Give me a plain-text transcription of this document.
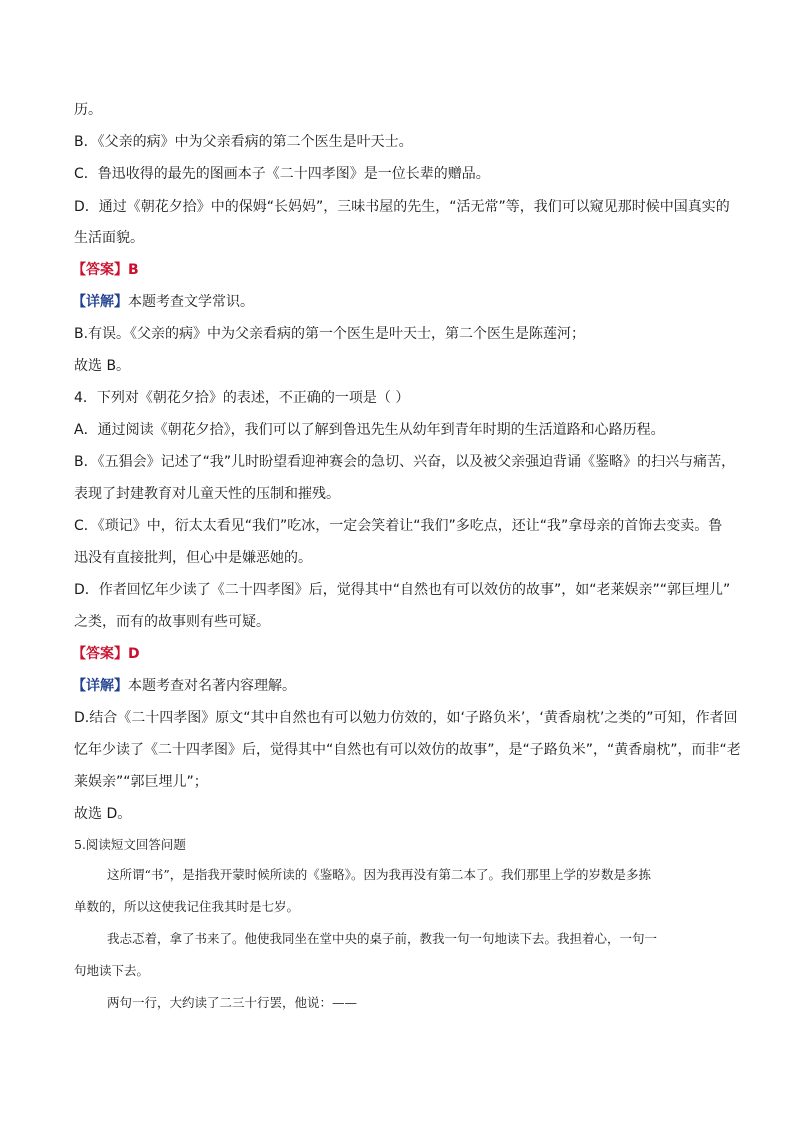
历。
B．《父亲的病》中为父亲看病的第二个医生是叶天士。
C．鲁迅收得的最先的图画本子《二十四孝图》是一位长辈的赠品。
D．通过《朝花夕拾》中的保姆“长妈妈”，三味书屋的先生，“活无常”等，我们可以窥见那时候中国真实的
生活面貌。
【答案】B
【详解】本题考查文学常识。
B.有误。《父亲的病》中为父亲看病的第一个医生是叶天士，第二个医生是陈莲河；
故选 B。
4．下列对《朝花夕拾》的表述，不正确的一项是（ ）
A．通过阅读《朝花夕拾》，我们可以了解到鲁迅先生从幼年到青年时期的生活道路和心路历程。
B．《五猖会》记述了“我”儿时盼望看迎神赛会的急切、兴奋，以及被父亲强迫背诵《鉴略》的扫兴与痛苦，
表现了封建教育对儿童天性的压制和摧残。
C．《琐记》中，衍太太看见“我们”吃冰，一定会笑着让“我们”多吃点，还让“我”拿母亲的首饰去变卖。鲁
迅没有直接批判，但心中是嫌恶她的。
D．作者回忆年少读了《二十四孝图》后，觉得其中“自然也有可以效仿的故事”，如“老莱娱亲”“郭巨埋儿”
之类，而有的故事则有些可疑。
【答案】D
【详解】本题考查对名著内容理解。
D.结合《二十四孝图》原文“其中自然也有可以勉力仿效的，如‘子路负米’，‘黄香扇枕’之类的”可知，作者回
忆年少读了《二十四孝图》后，觉得其中“自然也有可以效仿的故事”，是“子路负米”，“黄香扇枕”，而非“老
莱娱亲”“郭巨埋儿”；
故选 D。
5.阅读短文回答问题
这所谓“书”，是指我开蒙时候所读的《鉴略》。因为我再没有第二本了。我们那里上学的岁数是多拣
单数的，所以这使我记住我其时是七岁。
我忐忑着，拿了书来了。他使我同坐在堂中央的桌子前，教我一句一句地读下去。我担着心，一句一
句地读下去。
两句一行，大约读了二三十行罢，他说：——
